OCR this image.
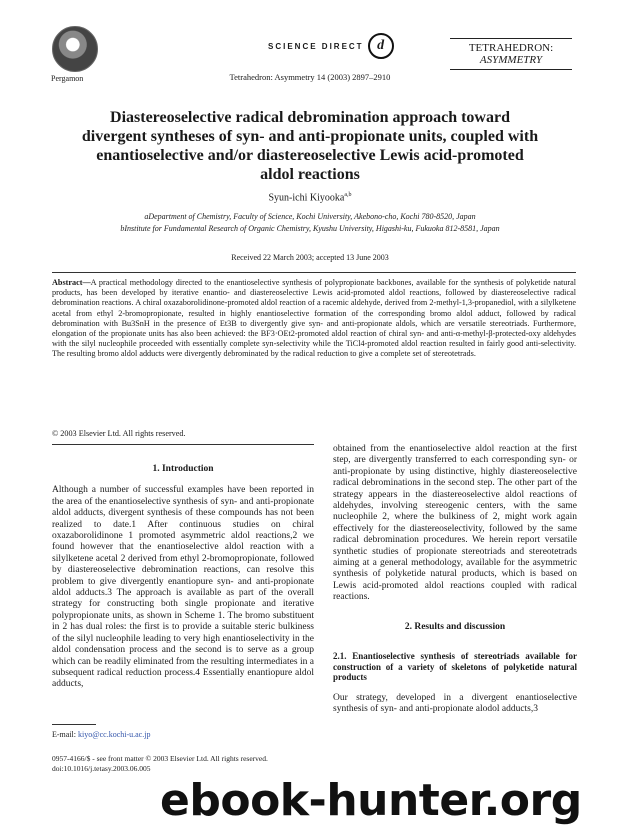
Pergamon
SCIENCE DIRECT d
Tetrahedron: Asymmetry 14 (2003) 2897–2910
TETRAHEDRON:
ASYMMETRY
Diastereoselective radical debromination approach toward divergent syntheses of syn- and anti-propionate units, coupled with enantioselective and/or diastereoselective Lewis acid-promoted aldol reactions
Syun-ichi Kiyooka$^{a,b}$
aDepartment of Chemistry, Faculty of Science, Kochi University, Akebono-cho, Kochi 780-8520, Japan
bInstitute for Fundamental Research of Organic Chemistry, Kyushu University, Higashi-ku, Fukuoka 812-8581, Japan
Received 22 March 2003; accepted 13 June 2003

Abstract—A practical methodology directed to the enantioselective synthesis of polypropionate backbones, available for the synthesis of polyketide natural products, has been developed by iterative enantio- and diastereoselective Lewis acid-promoted aldol reactions, followed by diastereoselective radical debromination reactions. A chiral oxazaborolidinone-promoted aldol reaction of a racemic aldehyde, derived from 2-methyl-1,3-propanediol, with a silylketene acetal from ethyl 2-bromopropionate, resulted in highly enantioselective formation of the corresponding bromo aldol adduct, followed by radical debromination with Bu3SnH in the presence of Et3B to divergently give syn- and anti-propionate aldols, which are versatile stereotriads. Furthermore, elongation of the propionate units has also been achieved: the BF3·OEt2-promoted aldol reaction of chiral syn- and anti-α-methyl-β-protected-oxy aldehydes with the silyl nucleophile proceeded with essentially complete syn-selectivity while the TiCl4-promoted aldol reaction resulted in fairly good anti-selectivity. The resulting bromo aldol adducts were divergently debrominated by the radical reduction to give a complete set of stereotetrads.

© 2003 Elsevier Ltd. All rights reserved.
1. Introduction

Although a number of successful examples have been reported in the area of the enantioselective synthesis of syn- and anti-propionate aldol adducts, divergent synthesis of these compounds has not been realized to date.1 After continuous studies on chiral oxazaborolidinone 1 promoted asymmetric aldol reactions,2 we found however that the enantioselective aldol reaction with a silylketene acetal 2 derived from ethyl 2-bromopropionate, followed by diastereoselective debromination reactions, can resolve this problem to give divergently enantiopure syn- and anti-propionate aldol adducts.3 The approach is available as part of the overall strategy for constructing both single propionate and iterative polypropionate units, as shown in Scheme 1. The bromo substituent in 2 has dual roles: the first is to provide a suitable steric bulkiness of the silyl nucleophile leading to very high enantioselectivity in the aldol condensation process and the second is to serve as a group which can be readily eliminated from the resulting intermediates in a subsequent radical reduction process.4 Essentially enantiopure aldol adducts,

obtained from the enantioselective aldol reaction at the first step, are divergently transferred to each corresponding syn- or anti-propionate by using distinctive, highly diastereoselective radical debrominations in the second step. The other part of the strategy appears in the diastereoselective aldol reactions of aldehydes, involving stereogenic centers, with the same nucleophile 2, where the bulkiness of 2, might work again effectively for the diastereoselectivity, followed by the same radical debromination procedures. We herein report versatile synthetic studies of propionate stereotriads and stereotetrads aiming at a general methodology, available for the asymmetric synthesis of polyketide natural products, which is based on Lewis acid-promoted aldol reactions coupled with radical reactions.

2. Results and discussion
2.1. Enantioselective synthesis of stereotriads available for construction of a variety of skeletons of polyketide natural products

Our strategy, developed in a divergent enantioselective synthesis of syn- and anti-propionate alodol adducts,3

E-mail: kiyo@cc.kochi-u.ac.jp
0957-4166/$ - see front matter © 2003 Elsevier Ltd. All rights reserved.
doi:10.1016/j.tetasy.2003.06.005
ebook-hunter.org
